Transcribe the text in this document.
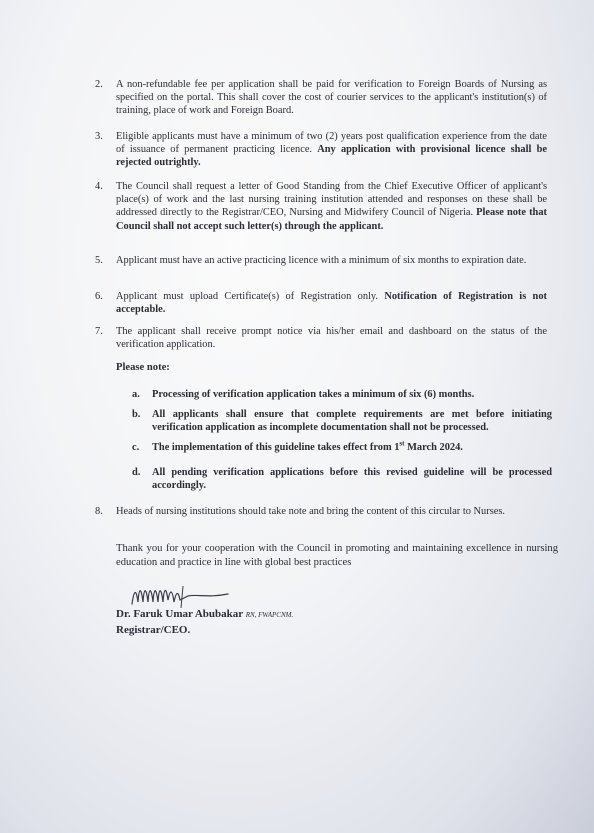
2.	A non-refundable fee per application shall be paid for verification to Foreign Boards of Nursing as specified on the portal. This shall cover the cost of courier services to the applicant's institution(s) of training, place of work and Foreign Board.
3.	Eligible applicants must have a minimum of two (2) years post qualification experience from the date of issuance of permanent practicing licence. Any application with provisional licence shall be rejected outrightly.
4.	The Council shall request a letter of Good Standing from the Chief Executive Officer of applicant's place(s) of work and the last nursing training institution attended and responses on these shall be addressed directly to the Registrar/CEO, Nursing and Midwifery Council of Nigeria. Please note that Council shall not accept such letter(s) through the applicant.
5.	Applicant must have an active practicing licence with a minimum of six months to expiration date.
6.	Applicant must upload Certificate(s) of Registration only. Notification of Registration is not acceptable.
7.	The applicant shall receive prompt notice via his/her email and dashboard on the status of the verification application.
Please note:
a.	Processing of verification application takes a minimum of six (6) months.
b.	All applicants shall ensure that complete requirements are met before initiating verification application as incomplete documentation shall not be processed.
c.	The implementation of this guideline takes effect from 1st March 2024.
d.	All pending verification applications before this revised guideline will be processed accordingly.
8.	Heads of nursing institutions should take note and bring the content of this circular to Nurses.
Thank you for your cooperation with the Council in promoting and maintaining excellence in nursing education and practice in line with global best practices
Dr. Faruk Umar Abubakar RN, FWAPCNM.
Registrar/CEO.
